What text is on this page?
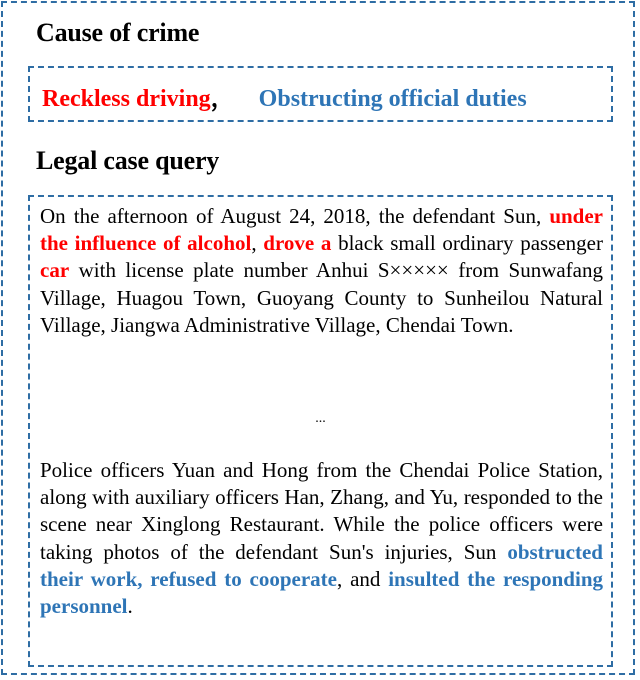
Cause of crime
Reckless driving， Obstructing official duties
Legal case query
On the afternoon of August 24, 2018, the defendant Sun, under the influence of alcohol, drove a black small ordinary passenger car with license plate number Anhui S××××× from Sunwafang Village, Huagou Town, Guoyang County to Sunheilou Natural Village, Jiangwa Administrative Village, Chendai Town.
...
Police officers Yuan and Hong from the Chendai Police Station, along with auxiliary officers Han, Zhang, and Yu, responded to the scene near Xinglong Restaurant. While the police officers were taking photos of the defendant Sun's injuries, Sun obstructed their work, refused to cooperate, and insulted the responding personnel.
